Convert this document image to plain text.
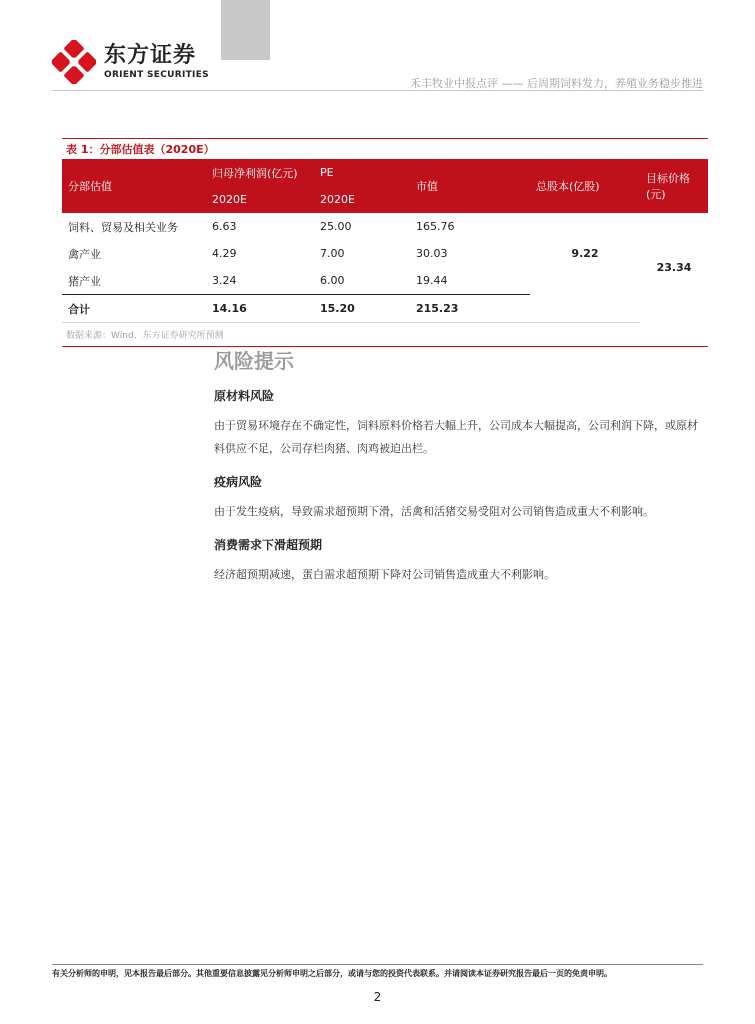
东方证券
ORIENT SECURITIES
禾丰牧业中报点评 —— 后周期饲料发力，养殖业务稳步推进
表 1：分部估值表（2020E）
分部估值	归母净利润(亿元)	PE	市值	总股本(亿股)	目标价格(元)
	2020E	2020E			
饲料、贸易及相关业务	6.63	25.00	165.76	9.22	23.34
禽产业	4.29	7.00	30.03		
猪产业	3.24	6.00	19.44		
合计	14.16	15.20	215.23		
数据来源：Wind、东方证券研究所预测
风险提示
原材料风险

由于贸易环境存在不确定性，饲料原料价格若大幅上升，公司成本大幅提高，公司利润下降，或原材料供应不足，公司存栏肉猪、肉鸡被迫出栏。

疫病风险

由于发生疫病，导致需求超预期下滑，活禽和活猪交易受阻对公司销售造成重大不利影响。

消费需求下滑超预期

经济超预期减速，蛋白需求超预期下降对公司销售造成重大不利影响。

有关分析师的申明，见本报告最后部分。其他重要信息披露见分析师申明之后部分，或请与您的投资代表联系。并请阅读本证券研究报告最后一页的免责申明。
2
